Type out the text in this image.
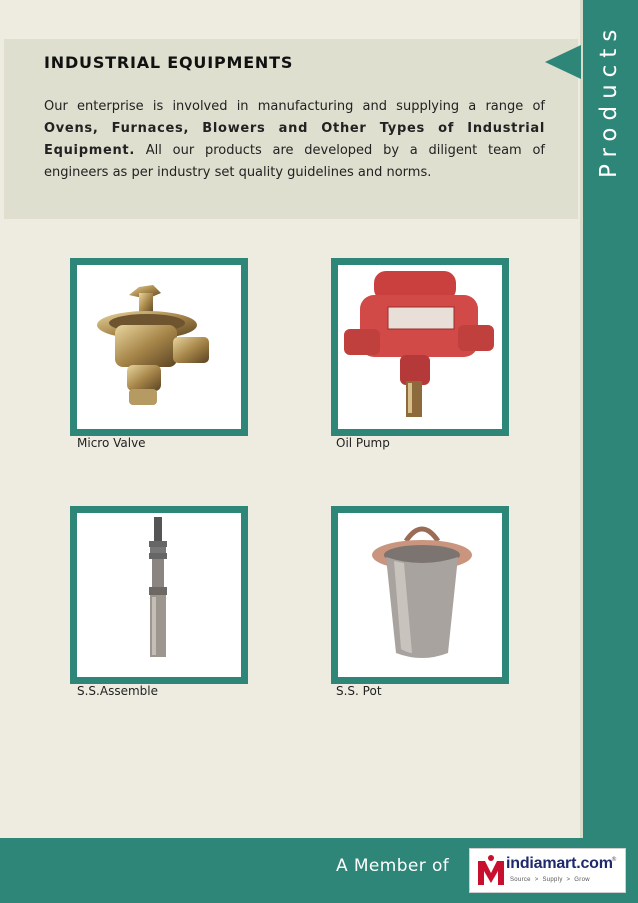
Products
INDUSTRIAL EQUIPMENTS
Our enterprise is involved in manufacturing and supplying a range of Ovens, Furnaces, Blowers and Other Types of Industrial Equipment. All our products are developed by a diligent team of engineers as per industry set quality guidelines and norms.
Micro Valve	Oil Pump
S.S.Assemble	S.S. Pot
A Member of	indiamart.com
®
Source  >  Supply  >  Grow
